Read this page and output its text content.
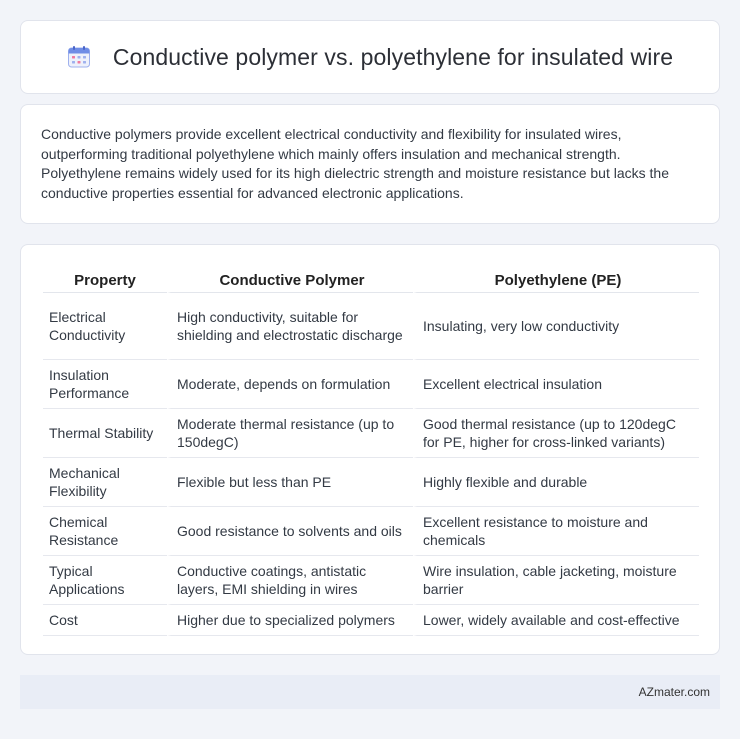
Conductive polymer vs. polyethylene for insulated wire

Conductive polymers provide excellent electrical conductivity and flexibility for insulated wires, outperforming traditional polyethylene which mainly offers insulation and mechanical strength. Polyethylene remains widely used for its high dielectric strength and moisture resistance but lacks the conductive properties essential for advanced electronic applications.

Property	Conductive Polymer	Polyethylene (PE)
Electrical Conductivity	High conductivity, suitable for shielding and electrostatic discharge	Insulating, very low conductivity
Insulation Performance	Moderate, depends on formulation	Excellent electrical insulation
Thermal Stability	Moderate thermal resistance (up to 150degC)	Good thermal resistance (up to 120degC for PE, higher for cross-linked variants)
Mechanical Flexibility	Flexible but less than PE	Highly flexible and durable
Chemical Resistance	Good resistance to solvents and oils	Excellent resistance to moisture and chemicals
Typical Applications	Conductive coatings, antistatic layers, EMI shielding in wires	Wire insulation, cable jacketing, moisture barrier
Cost	Higher due to specialized polymers	Lower, widely available and cost-effective
AZmater.com
